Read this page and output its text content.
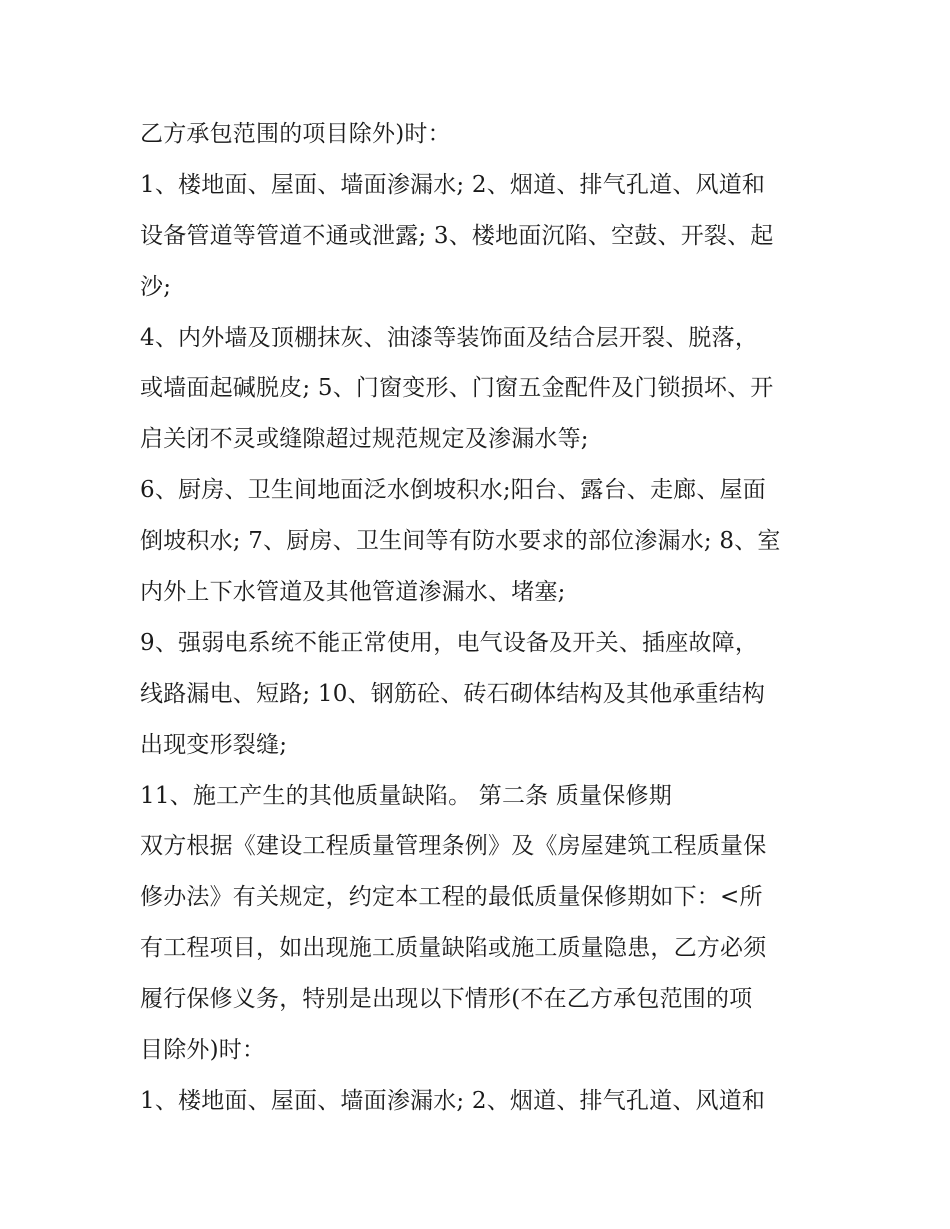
乙方承包范围的项目除外)时：
1、楼地面、屋面、墙面渗漏水; 2、烟道、排气孔道、风道和
设备管道等管道不通或泄露; 3、楼地面沉陷、空鼓、开裂、起
沙;
4、内外墙及顶棚抹灰、油漆等装饰面及结合层开裂、脱落，
或墙面起碱脱皮; 5、门窗变形、门窗五金配件及门锁损坏、开
启关闭不灵或缝隙超过规范规定及渗漏水等;
6、厨房、卫生间地面泛水倒坡积水;阳台、露台、走廊、屋面
倒坡积水; 7、厨房、卫生间等有防水要求的部位渗漏水; 8、室
内外上下水管道及其他管道渗漏水、堵塞;
9、强弱电系统不能正常使用，电气设备及开关、插座故障，
线路漏电、短路; 10、钢筋砼、砖石砌体结构及其他承重结构
出现变形裂缝;
11、施工产生的其他质量缺陷。 第二条 质量保修期
双方根据《建设工程质量管理条例》及《房屋建筑工程质量保
修办法》有关规定，约定本工程的最低质量保修期如下：<所
有工程项目，如出现施工质量缺陷或施工质量隐患，乙方必须
履行保修义务，特别是出现以下情形(不在乙方承包范围的项
目除外)时：
1、楼地面、屋面、墙面渗漏水; 2、烟道、排气孔道、风道和
